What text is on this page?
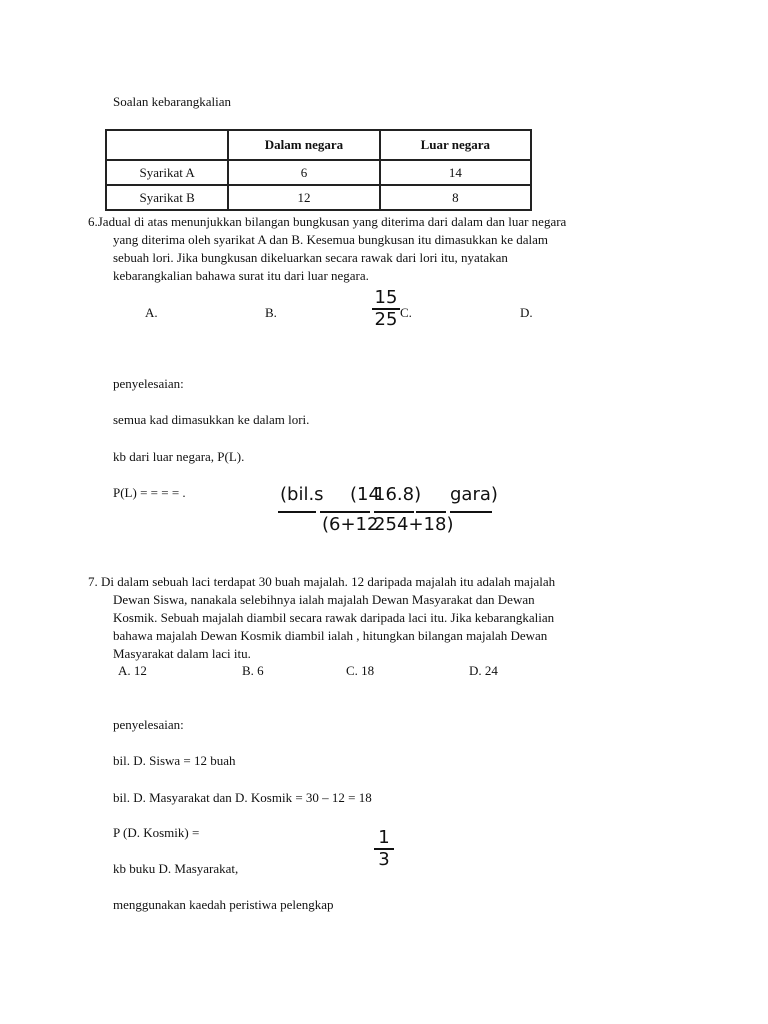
Soalan kebarangkalian
	Dalam negara	Luar negara
Syarikat A	6	14
Syarikat B	12	8
6.Jadual di atas menunjukkan bilangan bungkusan yang diterima dari dalam dan luar negara
yang diterima oleh syarikat A dan B. Kesemua bungkusan itu dimasukkan ke dalam
sebuah lori. Jika bungkusan dikeluarkan secara rawak dari lori itu, nyatakan
kebarangkalian bahawa surat itu dari luar negara.
A.	B.
15
25 C.	D.
penyelesaian:
semua kad dimasukkan ke dalam lori.
kb dari luar negara, P(L).
P(L) = = = = .	(bil.s (14
16.8) gara)
(6+12
25 4+18)
7. Di dalam sebuah laci terdapat 30 buah majalah. 12 daripada majalah itu adalah majalah
Dewan Siswa, nanakala selebihnya ialah majalah Dewan Masyarakat dan Dewan
Kosmik. Sebuah majalah diambil secara rawak daripada laci itu. Jika kebarangkalian
bahawa majalah Dewan Kosmik diambil ialah , hitungkan bilangan majalah Dewan
Masyarakat dalam laci itu.
A. 12	B. 6	C. 18	D. 24
penyelesaian:
bil. D. Siswa = 12 buah
bil. D. Masyarakat dan D. Kosmik = 30 – 12 = 18
P (D. Kosmik) =	1
3
kb buku D. Masyarakat,
menggunakan kaedah peristiwa pelengkap
